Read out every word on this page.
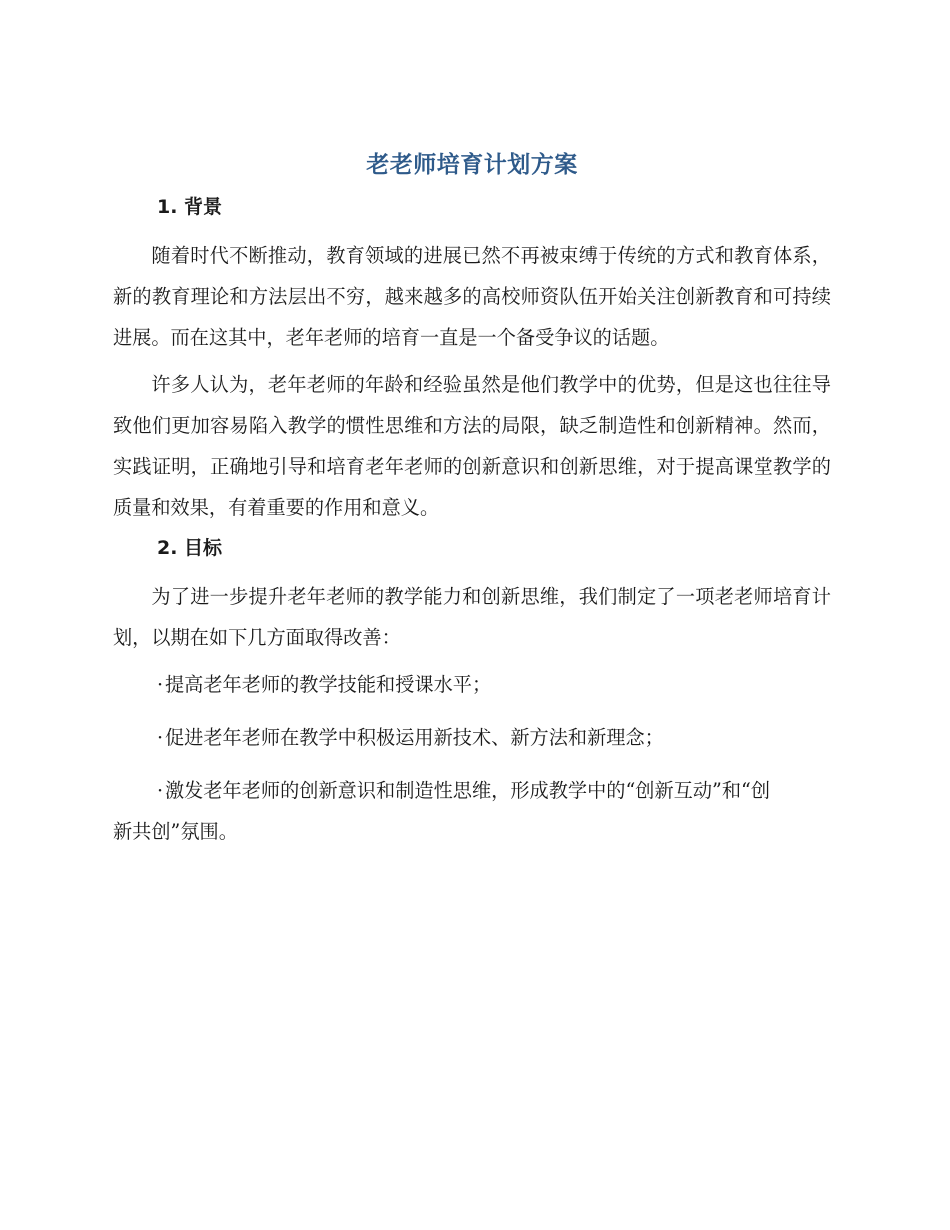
老老师培育计划方案
1. 背景

随着时代不断推动，教育领域的进展已然不再被束缚于传统的方式和教育体系，新的教育理论和方法层出不穷，越来越多的高校师资队伍开始关注创新教育和可持续进展。而在这其中，老年老师的培育一直是一个备受争议的话题。

许多人认为，老年老师的年龄和经验虽然是他们教学中的优势，但是这也往往导致他们更加容易陷入教学的惯性思维和方法的局限，缺乏制造性和创新精神。然而，实践证明，正确地引导和培育老年老师的创新意识和创新思维，对于提高课堂教学的质量和效果，有着重要的作用和意义。

2. 目标

为了进一步提升老年老师的教学能力和创新思维，我们制定了一项老老师培育计划，以期在如下几方面取得改善：

·提高老年老师的教学技能和授课水平；

·促进老年老师在教学中积极运用新技术、新方法和新理念；

·激发老年老师的创新意识和制造性思维，形成教学中的“创新互动”和“创新共创”氛围。
